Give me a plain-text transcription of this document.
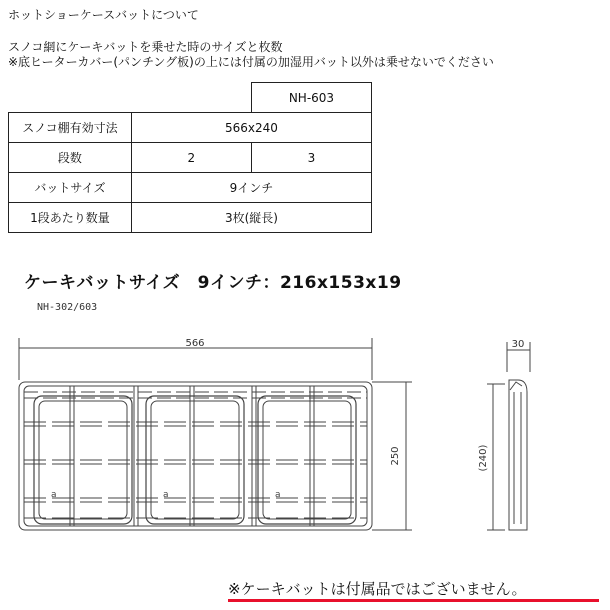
ホットショーケースバットについて
スノコ網にケーキバットを乗せた時のサイズと枚数
※底ヒーターカバー(パンチング板)の上には付属の加湿用バット以外は乗せないでください
		NH-603
スノコ棚有効寸法	566x240	
段数	2	3
バットサイズ	9インチ	
1段あたり数量	3枚(縦長)	
ケーキバットサイズ　9インチ：216x153x19
NH-302/603
566
a	a	a
250
30
(240)
※ケーキバットは付属品ではございません。
